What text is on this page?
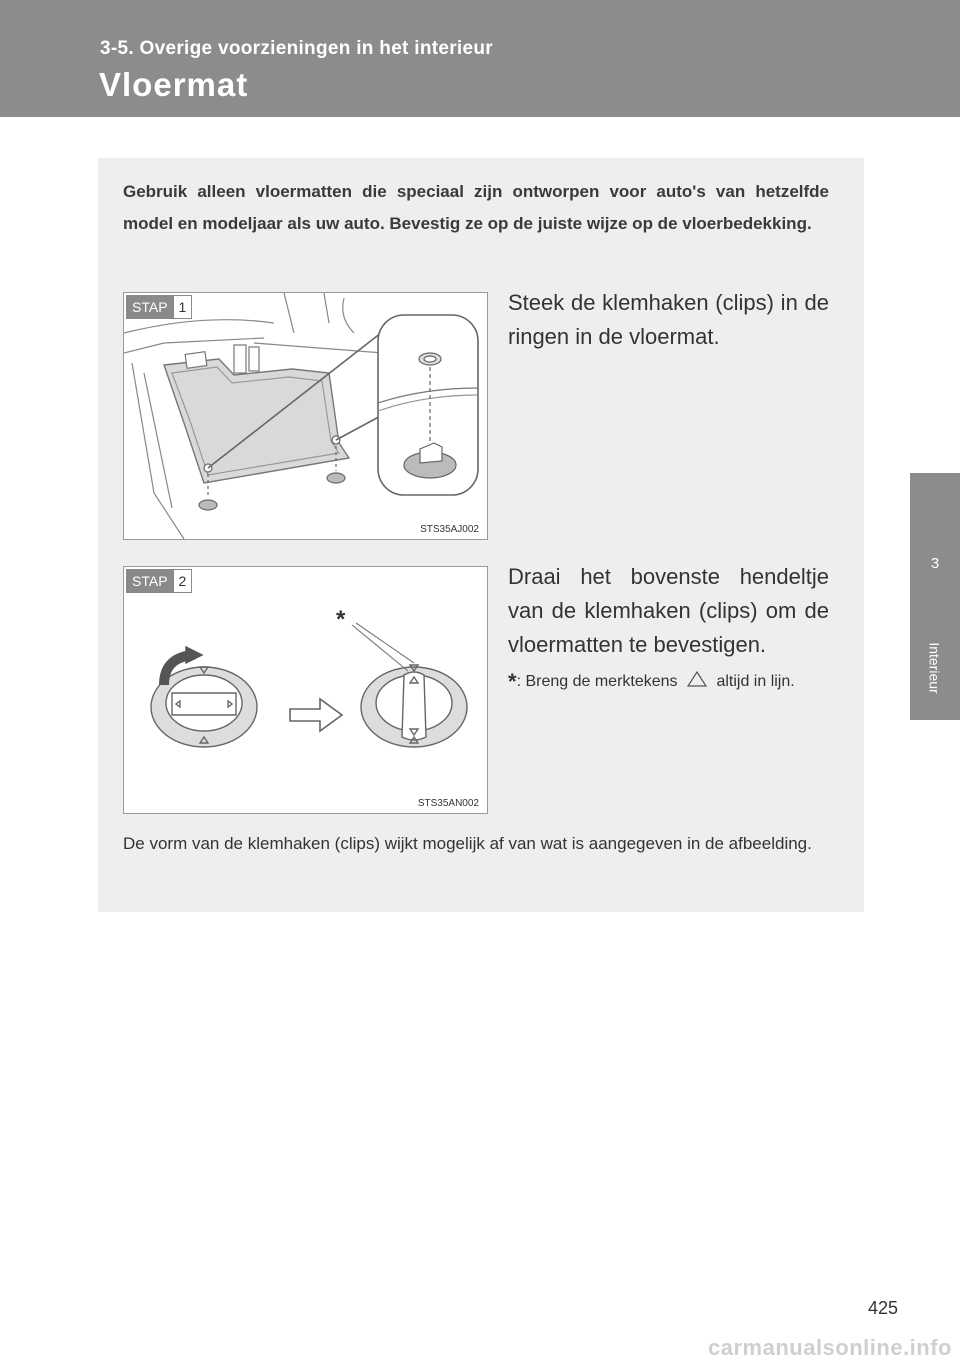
3-5. Overige voorzieningen in het interieur
Vloermat
3
Interieur
Gebruik alleen vloermatten die speciaal zijn ontworpen voor auto's van hetzelfde model en modeljaar als uw auto. Bevestig ze op de juiste wijze op de vloerbedekking.
STAP 1
STS35AJ002
Steek de klemhaken (clips) in de ringen in de vloermat.
*
STAP 2
STS35AN002
Draai het bovenste hendeltje van de klemhaken (clips) om de vloermatten te bevestigen.
*: Breng de merktekens altijd in lijn.
De vorm van de klemhaken (clips) wijkt mogelijk af van wat is aangegeven in de afbeelding.
425
carmanualsonline.info
